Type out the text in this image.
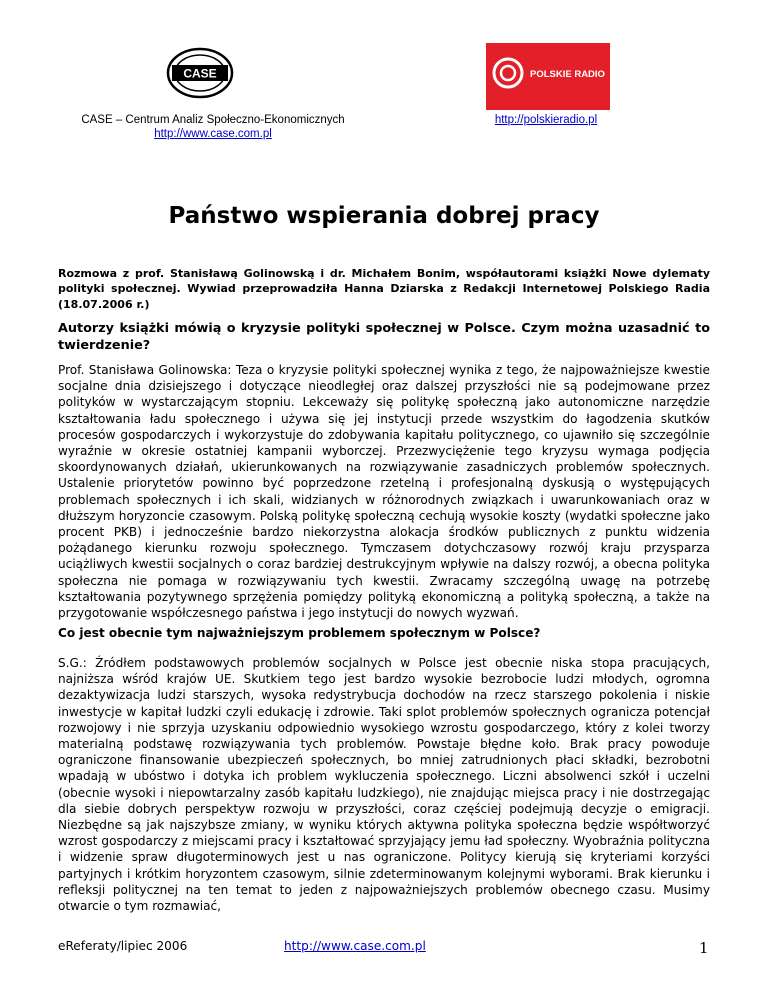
CASE	POLSKIE RADIO
CASE – Centrum Analiz Społeczno-Ekonomicznych
http://www.case.com.pl
http://polskieradio.pl
Państwo wspierania dobrej pracy
Rozmowa z prof. Stanisławą Golinowską i dr. Michałem Bonim, współautorami książki Nowe dylematy polityki społecznej. Wywiad przeprowadziła Hanna Dziarska z Redakcji Internetowej Polskiego Radia (18.07.2006 r.)
Autorzy książki mówią o kryzysie polityki społecznej w Polsce. Czym można uzasadnić to twierdzenie?
Prof. Stanisława Golinowska: Teza o kryzysie polityki społecznej wynika z tego, że najpoważniejsze kwestie socjalne dnia dzisiejszego i dotyczące nieodległej oraz dalszej przyszłości nie są podejmowane przez polityków w wystarczającym stopniu. Lekceważy się politykę społeczną jako autonomiczne narzędzie kształtowania ładu społecznego i używa się jej instytucji przede wszystkim do łagodzenia skutków procesów gospodarczych i wykorzystuje do zdobywania kapitału politycznego, co ujawniło się szczególnie wyraźnie w okresie ostatniej kampanii wyborczej. Przezwyciężenie tego kryzysu wymaga podjęcia skoordynowanych działań, ukierunkowanych na rozwiązywanie zasadniczych problemów społecznych. Ustalenie priorytetów powinno być poprzedzone rzetelną i profesjonalną dyskusją o występujących problemach społecznych i ich skali, widzianych w różnorodnych związkach i uwarunkowaniach oraz w dłuższym horyzoncie czasowym. Polską politykę społeczną cechują wysokie koszty (wydatki społeczne jako procent PKB) i jednocześnie bardzo niekorzystna alokacja środków publicznych z punktu widzenia pożądanego kierunku rozwoju społecznego. Tymczasem dotychczasowy rozwój kraju przysparza uciążliwych kwestii socjalnych o coraz bardziej destrukcyjnym wpływie na dalszy rozwój, a obecna polityka społeczna nie pomaga w rozwiązywaniu tych kwestii. Zwracamy szczególną uwagę na potrzebę kształtowania pozytywnego sprzężenia pomiędzy polityką ekonomiczną a polityką społeczną, a także na przygotowanie współczesnego państwa i jego instytucji do nowych wyzwań.
Co jest obecnie tym najważniejszym problemem społecznym w Polsce?
S.G.: Źródłem podstawowych problemów socjalnych w Polsce jest obecnie niska stopa pracujących, najniższa wśród krajów UE. Skutkiem tego jest bardzo wysokie bezrobocie ludzi młodych, ogromna dezaktywizacja ludzi starszych, wysoka redystrybucja dochodów na rzecz starszego pokolenia i niskie inwestycje w kapitał ludzki czyli edukację i zdrowie. Taki splot problemów społecznych ogranicza potencjał rozwojowy i nie sprzyja uzyskaniu odpowiednio wysokiego wzrostu gospodarczego, który z kolei tworzy materialną podstawę rozwiązywania tych problemów. Powstaje błędne koło. Brak pracy powoduje ograniczone finansowanie ubezpieczeń społecznych, bo mniej zatrudnionych płaci składki, bezrobotni wpadają w ubóstwo i dotyka ich problem wykluczenia społecznego. Liczni absolwenci szkół i uczelni (obecnie wysoki i niepowtarzalny zasób kapitału ludzkiego), nie znajdując miejsca pracy i nie dostrzegając dla siebie dobrych perspektyw rozwoju w przyszłości, coraz częściej podejmują decyzje o emigracji. Niezbędne są jak najszybsze zmiany, w wyniku których aktywna polityka społeczna będzie współtworzyć wzrost gospodarczy z miejscami pracy i kształtować sprzyjający jemu ład społeczny. Wyobraźnia polityczna i widzenie spraw długoterminowych jest u nas ograniczone. Politycy kierują się kryteriami korzyści partyjnych i krótkim horyzontem czasowym, silnie zdeterminowanym kolejnymi wyborami. Brak kierunku i refleksji politycznej na ten temat to jeden z najpoważniejszych problemów obecnego czasu. Musimy otwarcie o tym rozmawiać,
eReferaty/lipiec 2006	http://www.case.com.pl	1
